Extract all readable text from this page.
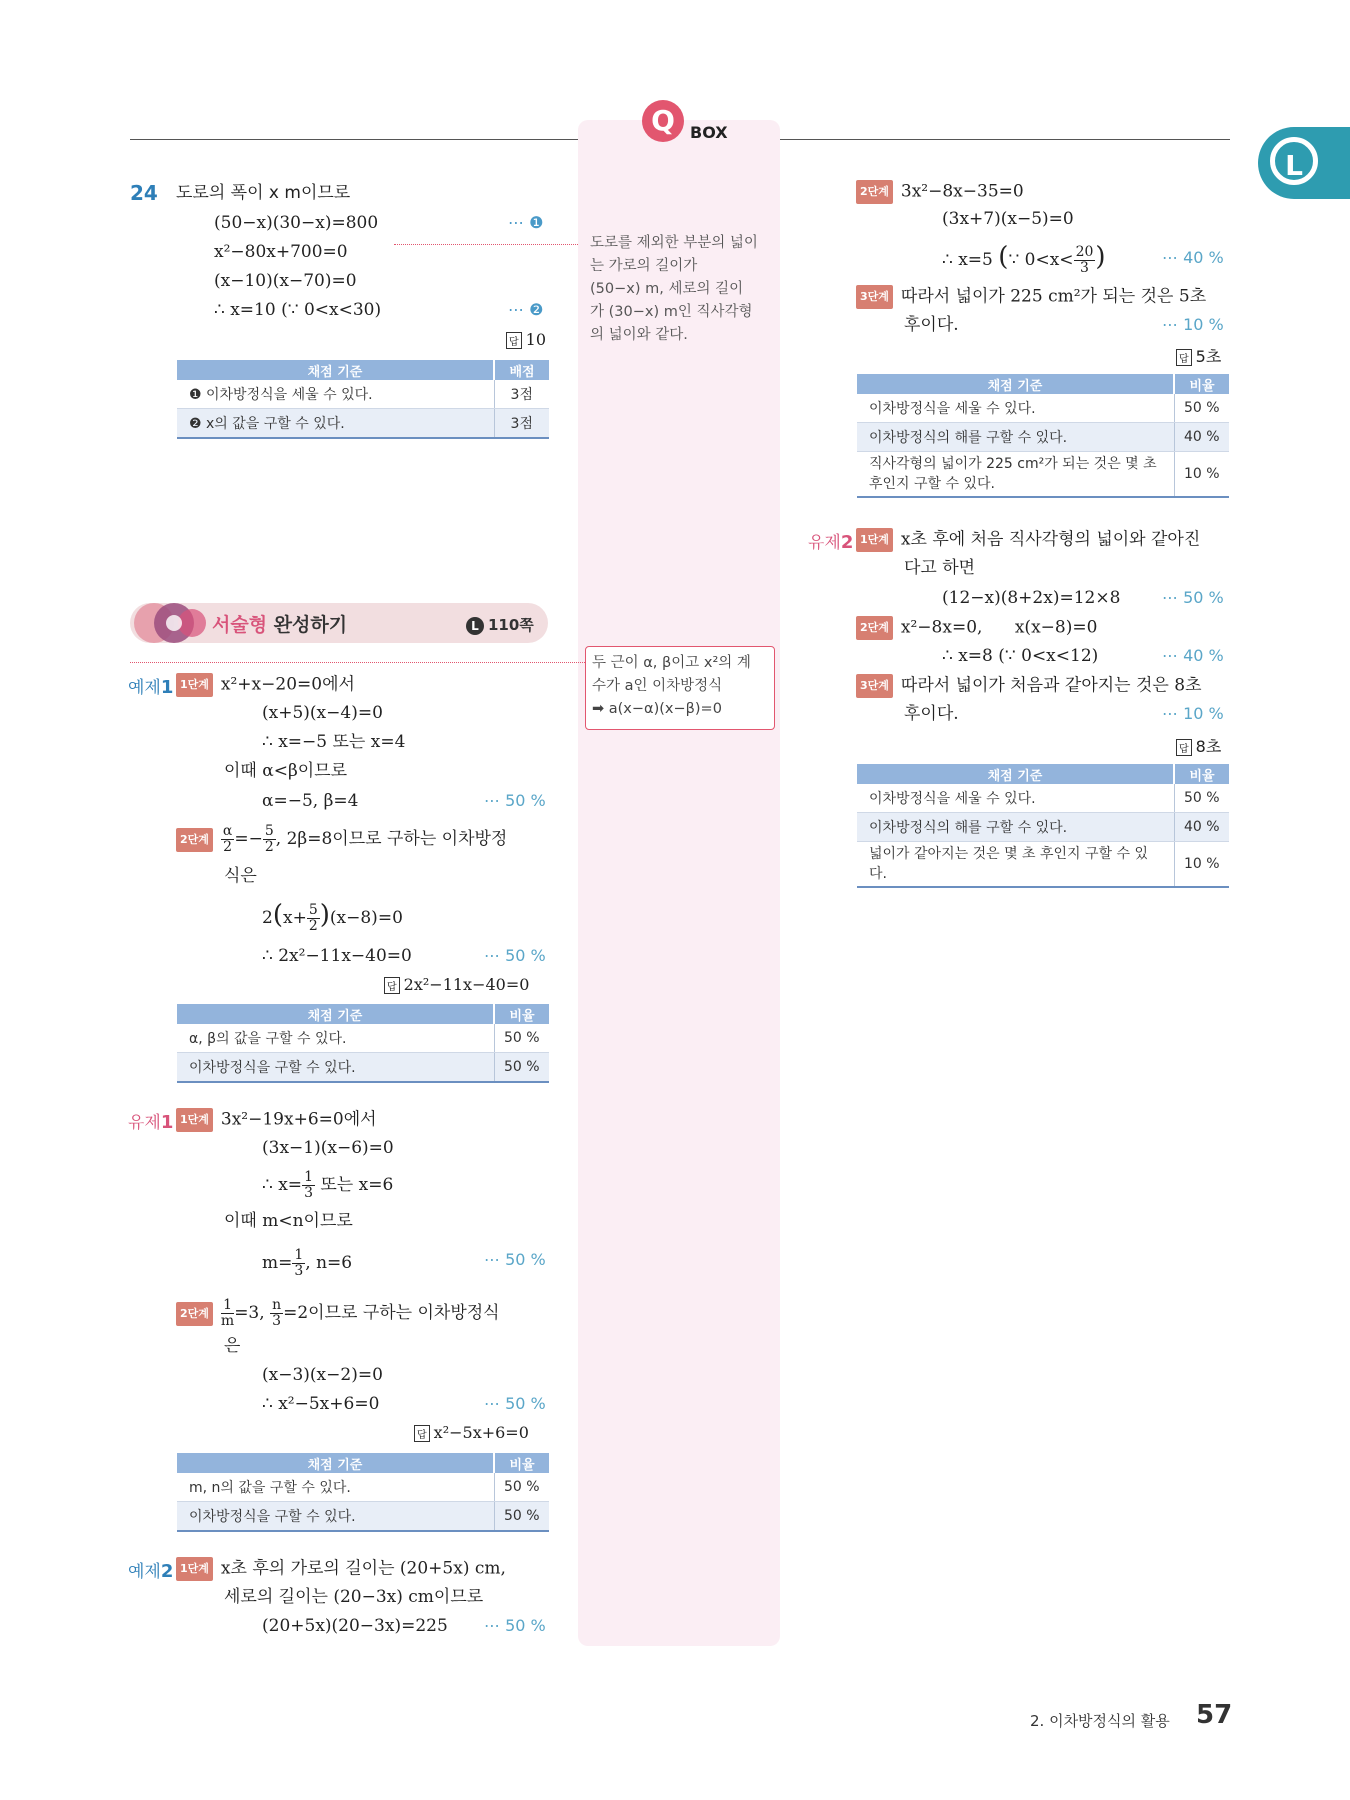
Q BOX
L
24 도로의 폭이 x m이므로
(50−x)(30−x)=800
x²−80x+700=0
(x−10)(x−70)=0
∴ x=10 (∵ 0<x<30)
⋯ ❶
⋯ ❷
답 10
채점 기준	배점
❶ 이차방정식을 세울 수 있다.	3점
❷ x의 값을 구할 수 있다.	3점
도로를 제외한 부분의 넓이
는 가로의 길이가
(50−x) m, 세로의 길이
가 (30−x) m인 직사각형
의 넓이와 같다.
두 근이 α, β이고 x²의 계
수가 a인 이차방정식
➡ a(x−α)(x−β)=0
서술형 완성하기	L 110쪽
예제1 1단계 x²+x−20=0에서
(x+5)(x−4)=0
∴ x=−5 또는 x=4
이때 α<β이므로
α=−5, β=4	⋯ 50 %
2단계 $\frac{\alpha}{2} =- \frac{5}{2}$ , 2β=8이므로 구하는 이차방정
식은
$2(x+ \frac{5}{2} )(x-8)=0$
∴ 2x²−11x−40=0	⋯ 50 %
답 2x²−11x−40=0
채점 기준	비율
α, β의 값을 구할 수 있다.	50 %
이차방정식을 구할 수 있다.	50 %
유제1 1단계 3x²−19x+6=0에서
(3x−1)(x−6)=0
∴ $x= \frac{1}{3}$ 또는 x=6
이때 m<n이므로
$m= \frac{1}{3}$ , n=6	⋯ 50 %
2단계 $\frac{1}{m} =3$, $\frac{n}{3} =2$이므로 구하는 이차방정식
은
(x−3)(x−2)=0
∴ x²−5x+6=0	⋯ 50 %
답 x²−5x+6=0
채점 기준	비율
m, n의 값을 구할 수 있다.	50 %
이차방정식을 구할 수 있다.	50 %
예제2 1단계 x초 후의 가로의 길이는 (20+5x) cm,
세로의 길이는 (20−3x) cm이므로
(20+5x)(20−3x)=225 ⋯ 50 %
2단계 3x²−8x−35=0
(3x+7)(x−5)=0
∴ x=5 (∵ $0<x< \frac{20}{3}$ )	⋯ 40 %
3단계 따라서 넓이가 225 cm²가 되는 것은 5초
후이다.	⋯ 10 %
답 5초
채점 기준	비율
이차방정식을 세울 수 있다.	50 %
이차방정식의 해를 구할 수 있다.	40 %
직사각형의 넓이가 225 cm²가 되는 것은 몇 초 후인지 구할 수 있다.	10 %
유제2 1단계 x초 후에 처음 직사각형의 넓이와 같아진
다고 하면
(12−x)(8+2x)=12×8	⋯ 50 %
2단계 x²−8x=0,      x(x−8)=0
∴ x=8 (∵ 0<x<12)	⋯ 40 %
3단계 따라서 넓이가 처음과 같아지는 것은 8초
후이다.	⋯ 10 %
답 8초
채점 기준	비율
이차방정식을 세울 수 있다.	50 %
이차방정식의 해를 구할 수 있다.	40 %
넓이가 같아지는 것은 몇 초 후인지 구할 수 있다.	10 %
2. 이차방정식의 활용 57
